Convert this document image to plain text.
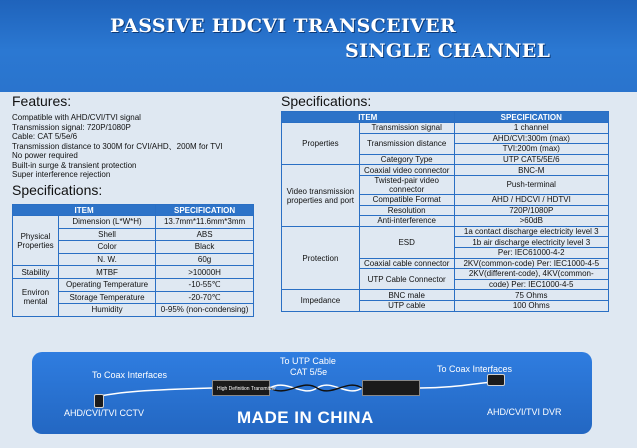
PASSIVE HDCVI TRANSCEIVER
SINGLE CHANNEL
Features:
Compatible with AHD/CVI/TVI signal
Transmission signal: 720P/1080P
Cable: CAT 5/5e/6
Transmission distance to 300M for CVI/AHD、200M for TVI
No power required
Built-in surge & transient protection
Super interference rejection
Specifications:
ITEM		SPECIFICATION
Physical Properties	Dimension (L*W*H)	13.7mm*11.6mm*3mm
	Shell	ABS
	Color	Black
	N. W.	60g
Stability	MTBF	>10000H
Environ mental	Operating Temperature	-10-55℃
	Storage Temperature	-20-70℃
	Humidity	0-95% (non-condensing)
Specifications:
ITEM		SPECIFICATION
Properties	Transmission signal	1 channel
	Transmission distance	AHD/CVI:300m (max)
		TVI:200m (max)
	Category Type	UTP CAT5/5E/6
Video transmission properties and port	Coaxial video connector	BNC-M
	Twisted-pair video connector	Push-terminal

	Compatible Format	AHD / HDCVI / HDTVI
	Resolution	720P/1080P
	Anti-interference	>60dB
Protection	ESD	1a contact discharge electricity level 3
		1b air discharge electricity level 3
		Per: IEC61000-4-2
	Coaxial cable connector	2KV(common-code) Per: IEC1000-4-5
	UTP Cable Connector	2KV(different-code), 4KV(common-
		code) Per: IEC1000-4-5
Impedance	BNC male	75 Ohms
	UTP cable	100 Ohms
To Coax Interfaces
To UTP Cable
CAT 5/5e	To Coax Interfaces
AHD/CVI/TVI CCTV	AHD/CVI/TVI DVR
High Definition Transmitter
MADE IN CHINA
